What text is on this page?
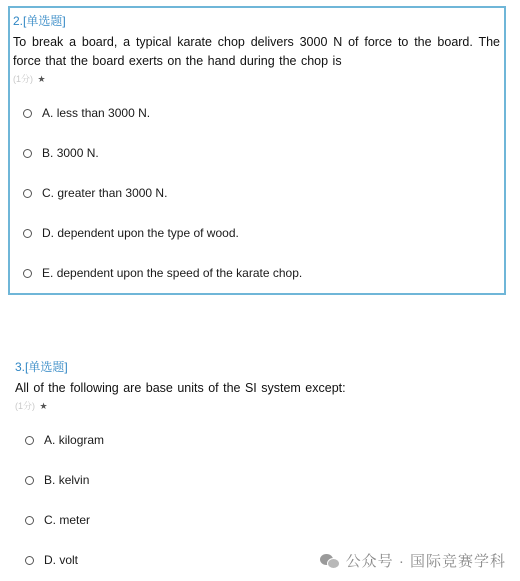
2.[单选题]
To break a board, a typical karate chop delivers 3000 N of force to the board. The force that the board exerts on the hand during the chop is
(1分) ★
A. less than 3000 N.
B. 3000 N.
C. greater than 3000 N.
D. dependent upon the type of wood.
E. dependent upon the speed of the karate chop.
3.[单选题]
All of the following are base units of the SI system except:
(1分) ★
A. kilogram
B. kelvin
C. meter
D. volt	公众号 · 国际竞赛学科
